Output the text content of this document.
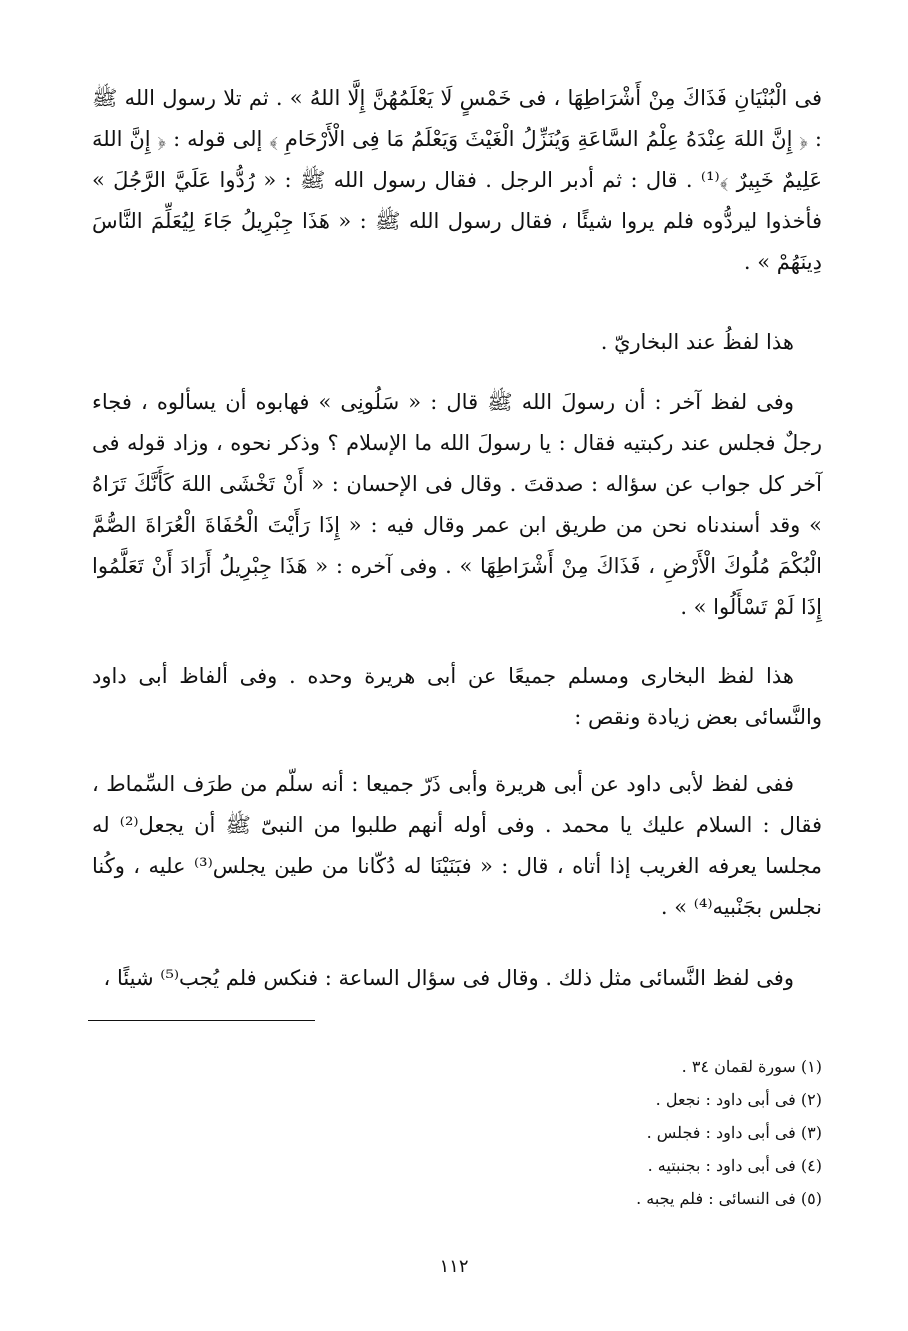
فى الْبُنْيَانِ فَذَاكَ مِنْ أَشْرَاطِهَا ، فى خَمْسٍ لَا يَعْلَمُهُنَّ إِلَّا اللهُ » . ثم تلا رسول الله ﷺ : ﴿ إِنَّ اللهَ عِنْدَهُ عِلْمُ السَّاعَةِ وَيُنَزِّلُ الْغَيْثَ وَيَعْلَمُ مَا فِى الْأَرْحَامِ ﴾ إلى قوله : ﴿ إِنَّ اللهَ عَلِيمٌ خَبِيرٌ ﴾⁽¹⁾ . قال : ثم أدبر الرجل . فقال رسول الله ﷺ : « رُدُّوا عَلَيَّ الرَّجُلَ » فأخذوا ليردُّوه فلم يروا شيئًا ، فقال رسول الله ﷺ : « هَذَا جِبْرِيلُ جَاءَ لِيُعَلِّمَ النَّاسَ دِينَهُمْ » .

هذا لفظُ عند البخاريّ .

وفى لفظ آخر : أن رسولَ الله ﷺ قال : « سَلُونِى » فهابوه أن يسألوه ، فجاء رجلٌ فجلس عند ركبتيه فقال : يا رسولَ الله ما الإسلام ؟ وذكر نحوه ، وزاد قوله فى آخر كل جواب عن سؤاله : صدقتَ . وقال فى الإحسان : « أَنْ تَخْشَى اللهَ كَأَنَّكَ تَرَاهُ » وقد أسندناه نحن من طريق ابن عمر وقال فيه : « إِذَا رَأَيْتَ الْحُفَاةَ الْعُرَاةَ الصُّمَّ الْبُكْمَ مُلُوكَ الْأَرْضِ ، فَذَاكَ مِنْ أَشْرَاطِهَا » . وفى آخره : « هَذَا جِبْرِيلُ أَرَادَ أَنْ تَعَلَّمُوا إِذَا لَمْ تَسْأَلُوا » .

هذا لفظ البخارى ومسلم جميعًا عن أبى هريرة وحده . وفى ألفاظ أبى داود والنَّسائى بعض زيادة ونقص :

ففى لفظ لأبى داود عن أبى هريرة وأبى ذَرّ جميعا : أنه سلّم من طرَف السِّماط ، فقال : السلام عليك يا محمد . وفى أوله أنهم طلبوا من النبىّ ﷺ أن يجعل⁽²⁾ له مجلسا يعرفه الغريب إذا أتاه ، قال : « فبَنَيْنَا له دُكّانا من طين يجلس⁽³⁾ عليه ، وكُنا نجلس بجَنْبيه⁽⁴⁾ » .

وفى لفظ النَّسائى مثل ذلك . وقال فى سؤال الساعة : فنكس فلم يُجب⁽⁵⁾ شيئًا ،

(١) سورة لقمان ٣٤ .

(٢) فى أبى داود : نجعل .

(٣) فى أبى داود : فجلس .

(٤) فى أبى داود : بجنبتيه .

(٥) فى النسائى : فلم يجبه .

١١٢
